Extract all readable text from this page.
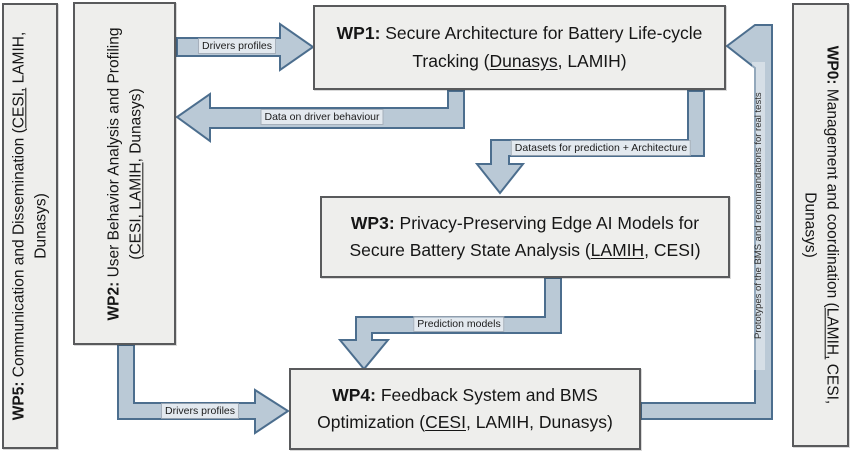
WP5: Communication and Dissemination (CESI, LAMIH, Dunasys)

WP2: User Behavior Analysis and Profiling (CESI, LAMIH, Dunasys)

WP1: Secure Architecture for Battery Life-cycle Tracking (Dunasys, LAMIH)

WP3: Privacy-Preserving Edge AI Models for Secure Battery State Analysis (LAMIH, CESI)

WP4: Feedback System and BMS Optimization (CESI, LAMIH, Dunasys)

WP0: Management and coordination (LAMIH, CESI, Dunasys)

Drivers profiles
Data on driver behaviour
Datasets for prediction + Architecture
Prediction models
Drivers profiles
Prototypes of the BMS and recommandations for real tests
